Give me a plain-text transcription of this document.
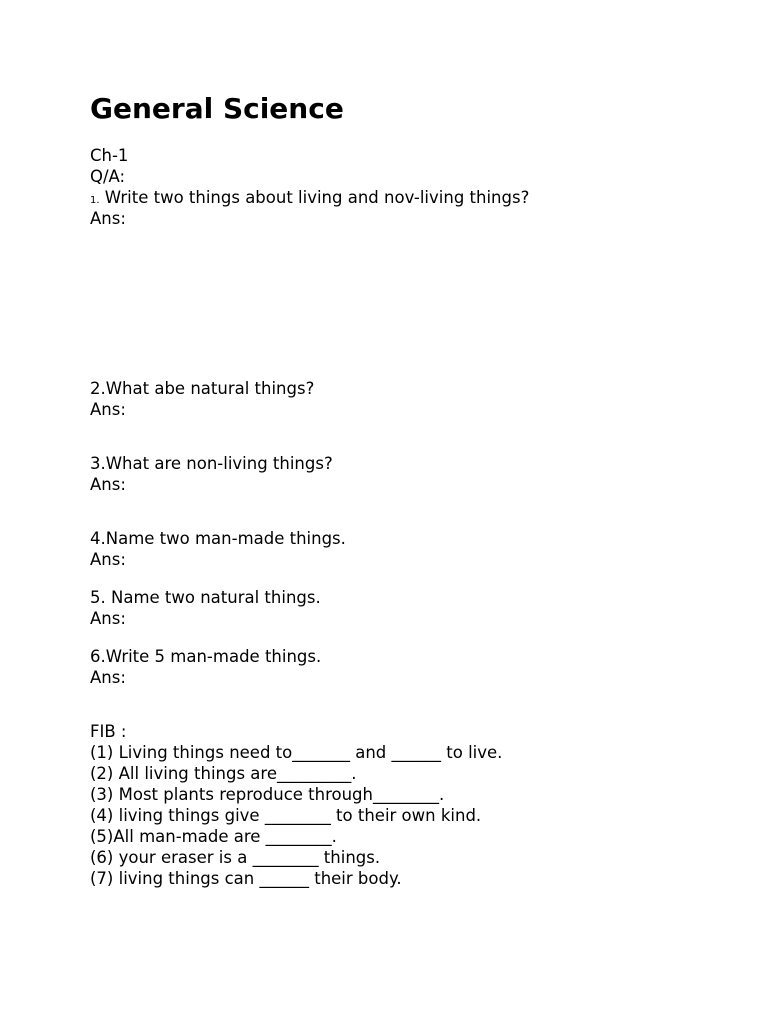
General Science

Ch-1

Q/A:

1. Write two things about living and nov-living things?

Ans:

2.What abe natural things?

Ans:

3.What are non-living things?

Ans:

4.Name two man-made things.

Ans:

5. Name two natural things.

Ans:

6.Write 5 man-made things.

Ans:

FIB :

(1) Living things need to_______ and ______ to live.

(2) All living things are_________.

(3) Most plants reproduce through________.

(4) living things give ________ to their own kind.

(5)All man-made are ________.

(6) your eraser is a ________ things.

(7) living things can ______ their body.
